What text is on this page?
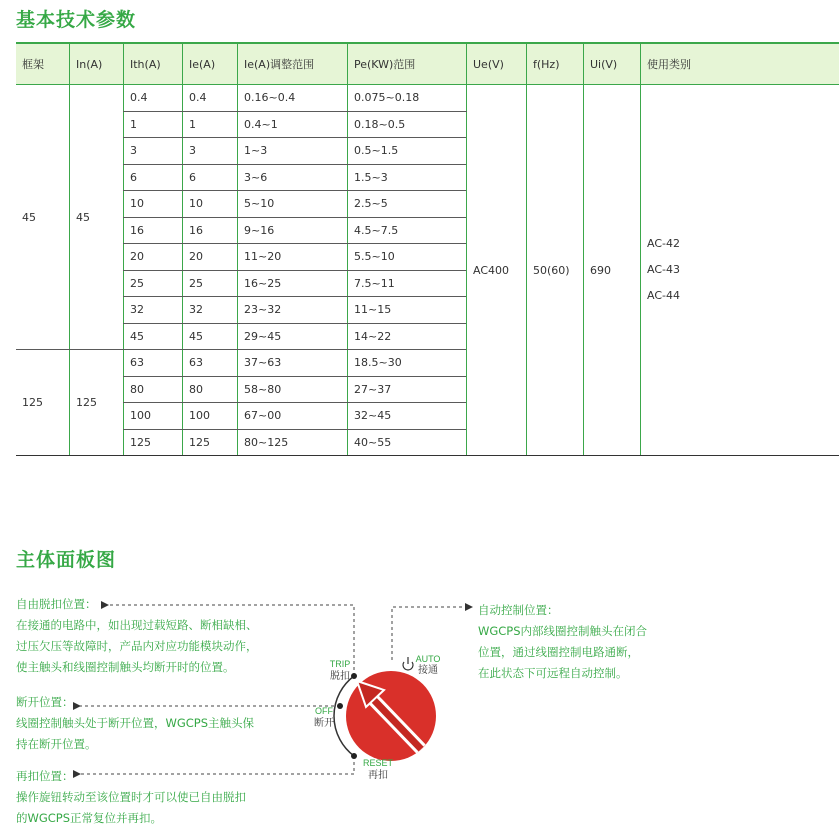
基本技术参数
框架	In(A)	Ith(A)	Ie(A)	Ie(A)调整范围	Pe(KW)范围	Ue(V)	f(Hz)	Ui(V)	使用类别
45	45	0.4	0.4	0.16~0.4	0.075~0.18	AC400	50(60)	690	AC-42
AC-43
AC-44

		1	1	0.4~1	0.18~0.5				
		3	3	1~3	0.5~1.5				
		6	6	3~6	1.5~3				
		10	10	5~10	2.5~5				
		16	16	9~16	4.5~7.5				
		20	20	11~20	5.5~10				
		25	25	16~25	7.5~11				
		32	32	23~32	11~15				
		45	45	29~45	14~22				
125	125	63	63	37~63	18.5~30				
		80	80	58~80	27~37				
		100	100	67~00	32~45				
		125	125	80~125	40~55				
主体面板图
自由脱扣位置：
在接通的电路中，如出现过载短路、断相缺相、
过压欠压等故障时，产品内对应功能模块动作，
使主触头和线圈控制触头均断开时的位置。
断开位置：
线圈控制触头处于断开位置，WGCPS主触头保
持在断开位置。
再扣位置：
操作旋钮转动至该位置时才可以使已自由脱扣
的WGCPS正常复位并再扣。
自动控制位置：
WGCPS内部线圈控制触头在闭合
位置，通过线圈控制电路通断，
在此状态下可远程自动控制。
TRIP
脱扣
AUTO
接通
OFF
断开
RESET
再扣
